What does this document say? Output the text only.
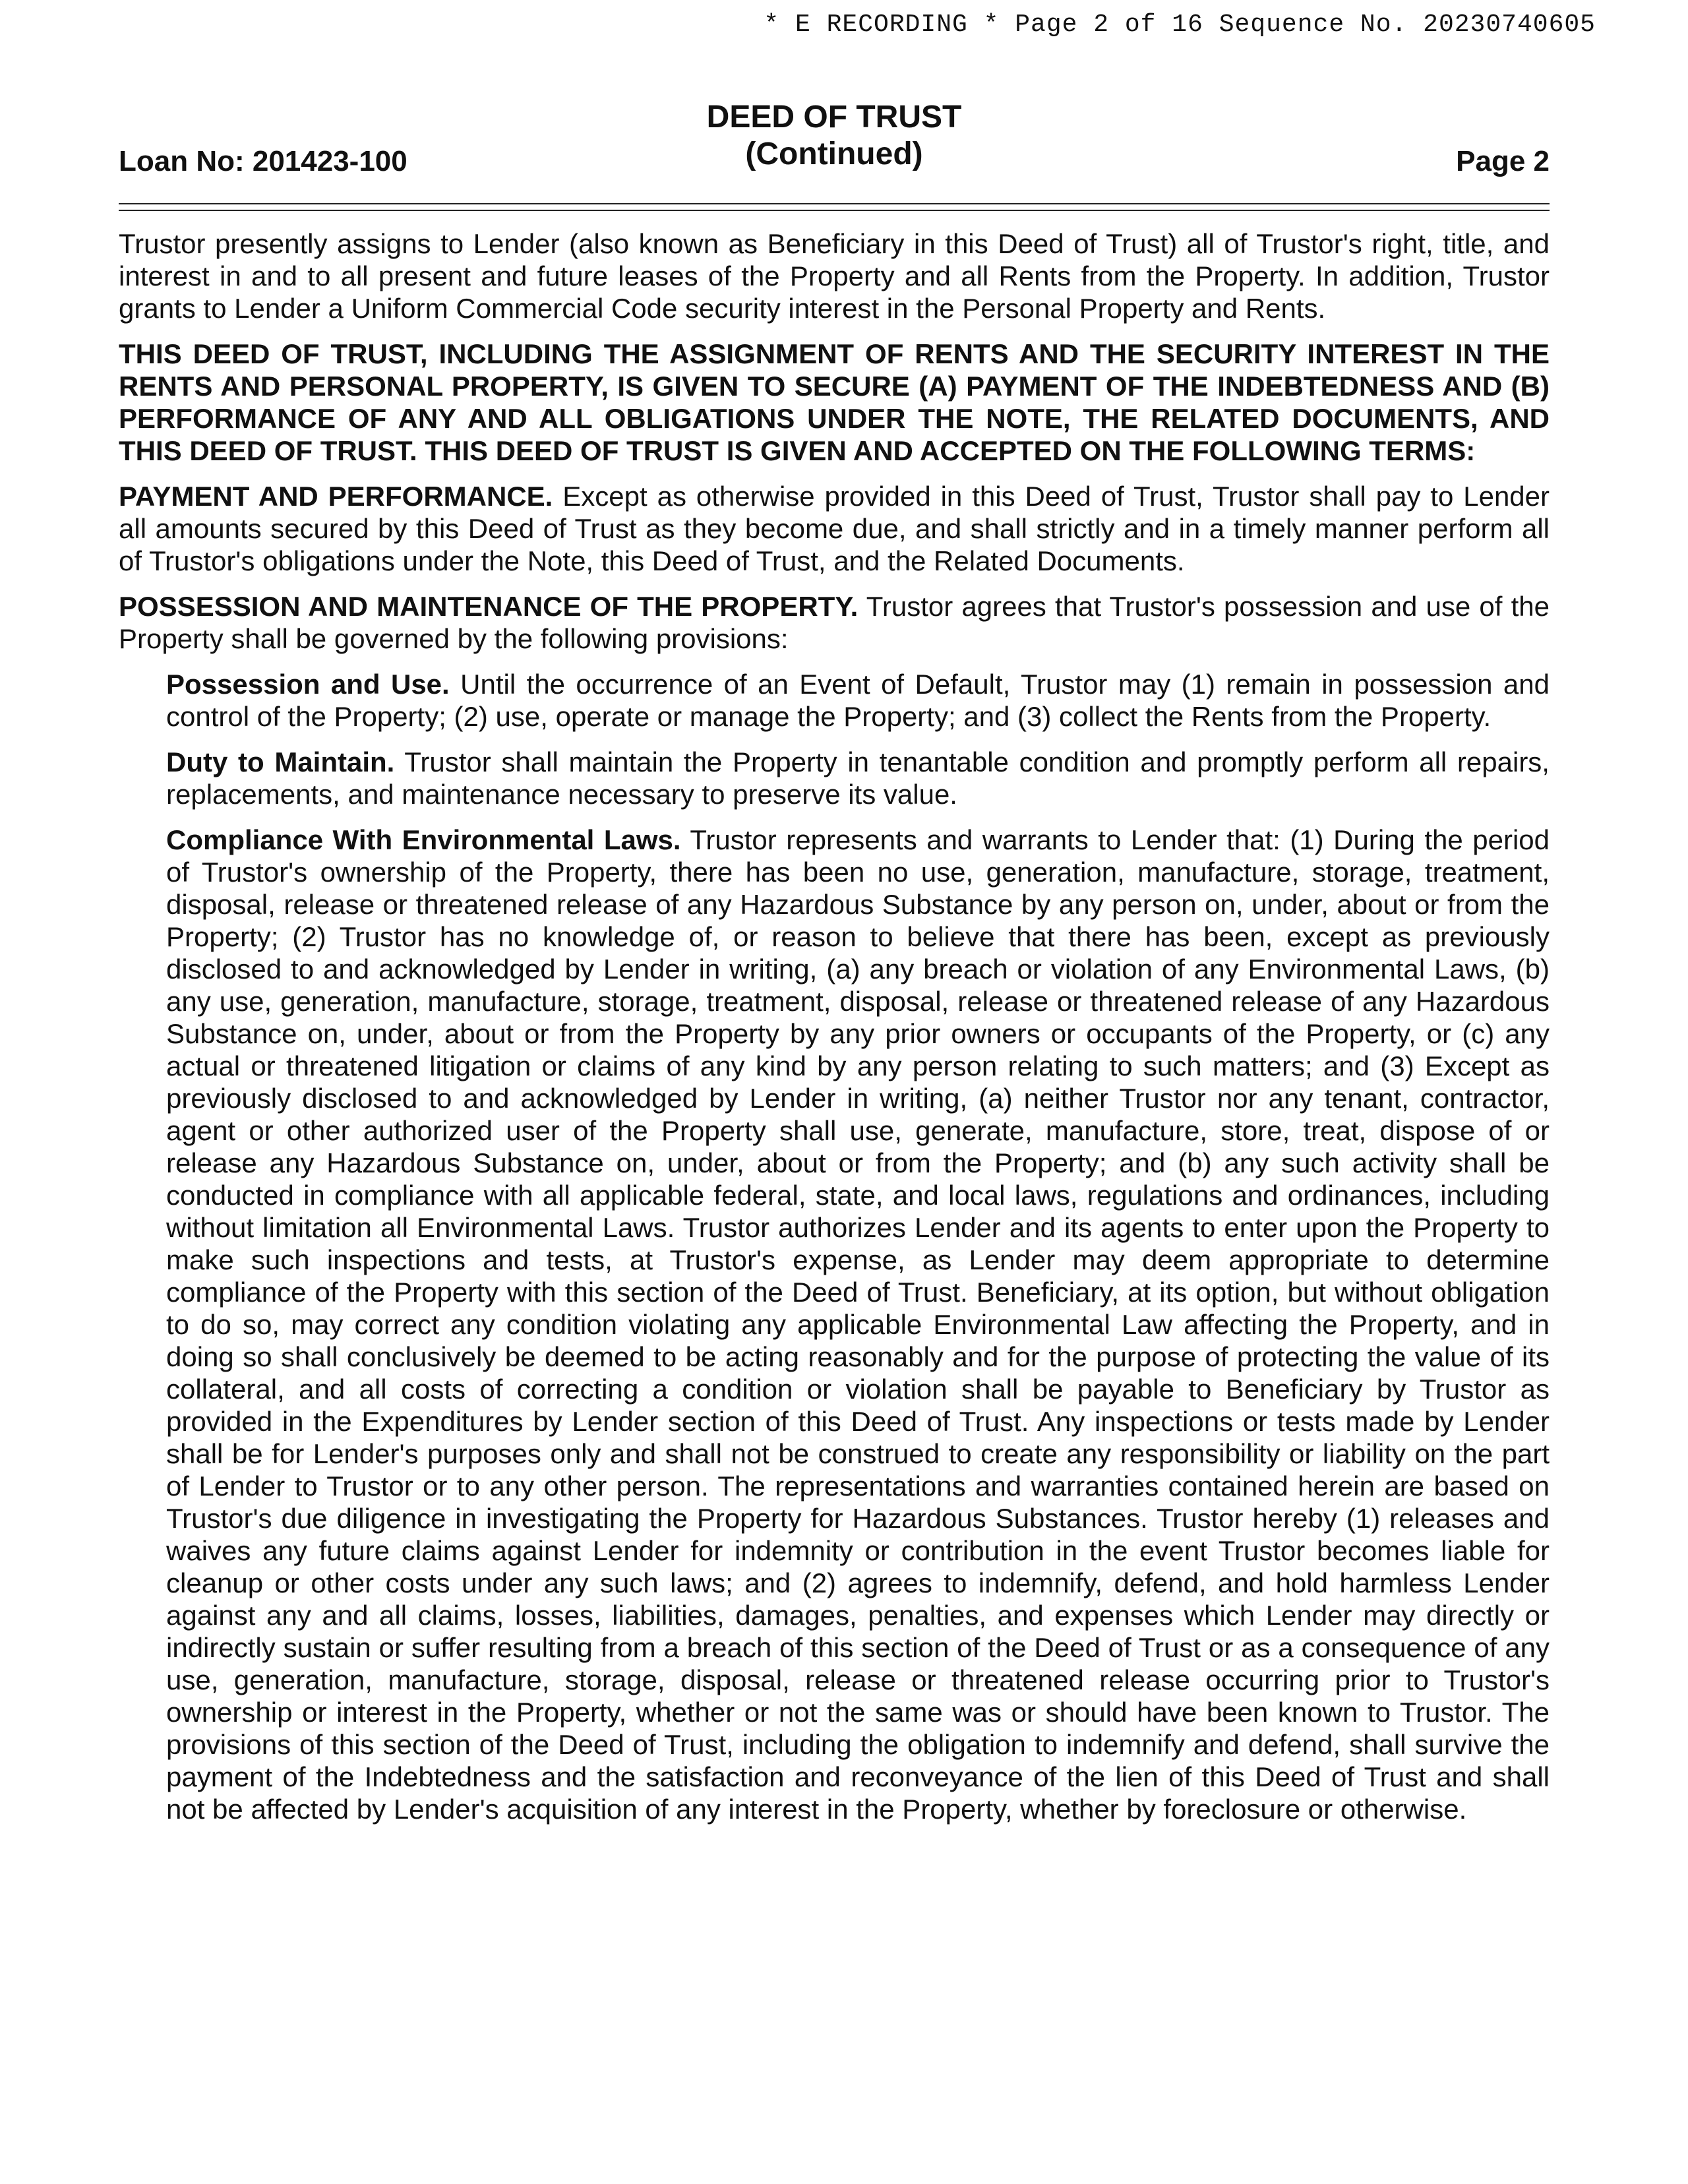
* E RECORDING * Page 2 of 16 Sequence No. 20230740605
Loan No: 201423-100
DEED OF TRUST
(Continued)	Page 2

Trustor presently assigns to Lender (also known as Beneficiary in this Deed of Trust) all of Trustor's right, title, and interest in and to all present and future leases of the Property and all Rents from the Property. In addition, Trustor grants to Lender a Uniform Commercial Code security interest in the Personal Property and Rents.

THIS DEED OF TRUST, INCLUDING THE ASSIGNMENT OF RENTS AND THE SECURITY INTEREST IN THE RENTS AND PERSONAL PROPERTY, IS GIVEN TO SECURE (A) PAYMENT OF THE INDEBTEDNESS AND (B) PERFORMANCE OF ANY AND ALL OBLIGATIONS UNDER THE NOTE, THE RELATED DOCUMENTS, AND THIS DEED OF TRUST. THIS DEED OF TRUST IS GIVEN AND ACCEPTED ON THE FOLLOWING TERMS:

PAYMENT AND PERFORMANCE. Except as otherwise provided in this Deed of Trust, Trustor shall pay to Lender all amounts secured by this Deed of Trust as they become due, and shall strictly and in a timely manner perform all of Trustor's obligations under the Note, this Deed of Trust, and the Related Documents.

POSSESSION AND MAINTENANCE OF THE PROPERTY. Trustor agrees that Trustor's possession and use of the Property shall be governed by the following provisions:

Possession and Use. Until the occurrence of an Event of Default, Trustor may (1) remain in possession and control of the Property; (2) use, operate or manage the Property; and (3) collect the Rents from the Property.

Duty to Maintain. Trustor shall maintain the Property in tenantable condition and promptly perform all repairs, replacements, and maintenance necessary to preserve its value.

Compliance With Environmental Laws. Trustor represents and warrants to Lender that: (1) During the period of Trustor's ownership of the Property, there has been no use, generation, manufacture, storage, treatment, disposal, release or threatened release of any Hazardous Substance by any person on, under, about or from the Property; (2) Trustor has no knowledge of, or reason to believe that there has been, except as previously disclosed to and acknowledged by Lender in writing, (a) any breach or violation of any Environmental Laws, (b) any use, generation, manufacture, storage, treatment, disposal, release or threatened release of any Hazardous Substance on, under, about or from the Property by any prior owners or occupants of the Property, or (c) any actual or threatened litigation or claims of any kind by any person relating to such matters; and (3) Except as previously disclosed to and acknowledged by Lender in writing, (a) neither Trustor nor any tenant, contractor, agent or other authorized user of the Property shall use, generate, manufacture, store, treat, dispose of or release any Hazardous Substance on, under, about or from the Property; and (b) any such activity shall be conducted in compliance with all applicable federal, state, and local laws, regulations and ordinances, including without limitation all Environmental Laws. Trustor authorizes Lender and its agents to enter upon the Property to make such inspections and tests, at Trustor's expense, as Lender may deem appropriate to determine compliance of the Property with this section of the Deed of Trust. Beneficiary, at its option, but without obligation to do so, may correct any condition violating any applicable Environmental Law affecting the Property, and in doing so shall conclusively be deemed to be acting reasonably and for the purpose of protecting the value of its collateral, and all costs of correcting a condition or violation shall be payable to Beneficiary by Trustor as provided in the Expenditures by Lender section of this Deed of Trust. Any inspections or tests made by Lender shall be for Lender's purposes only and shall not be construed to create any responsibility or liability on the part of Lender to Trustor or to any other person. The representations and warranties contained herein are based on Trustor's due diligence in investigating the Property for Hazardous Substances. Trustor hereby (1) releases and waives any future claims against Lender for indemnity or contribution in the event Trustor becomes liable for cleanup or other costs under any such laws; and (2) agrees to indemnify, defend, and hold harmless Lender against any and all claims, losses, liabilities, damages, penalties, and expenses which Lender may directly or indirectly sustain or suffer resulting from a breach of this section of the Deed of Trust or as a consequence of any use, generation, manufacture, storage, disposal, release or threatened release occurring prior to Trustor's ownership or interest in the Property, whether or not the same was or should have been known to Trustor. The provisions of this section of the Deed of Trust, including the obligation to indemnify and defend, shall survive the payment of the Indebtedness and the satisfaction and reconveyance of the lien of this Deed of Trust and shall not be affected by Lender's acquisition of any interest in the Property, whether by foreclosure or otherwise.
